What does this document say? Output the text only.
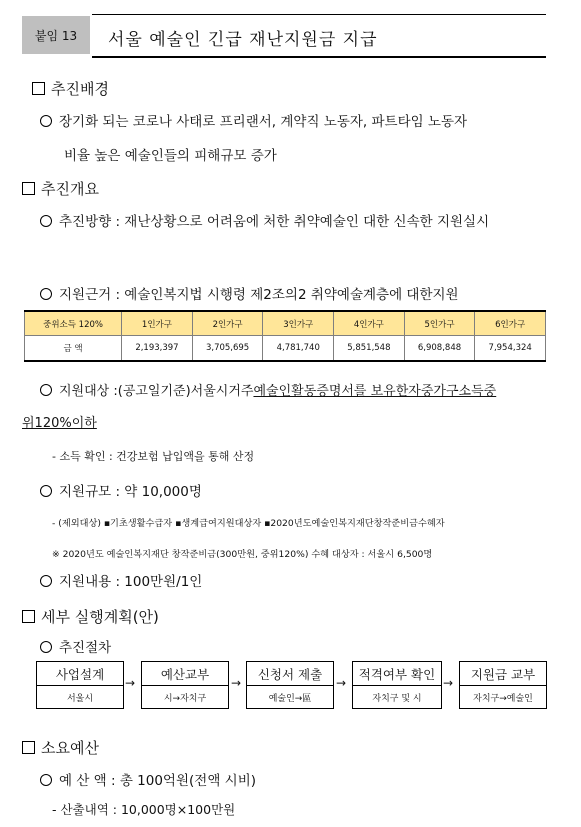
붙임 13 서울 예술인 긴급 재난지원금 지급
추진배경
장기화 되는 코로나 사태로 프리랜서, 계약직 노동자, 파트타임 노동자
비율 높은 예술인들의 피해규모 증가
추진개요
추진방향 : 재난상황으로 어려움에 처한 취약예술인 대한 신속한 지원실시
지원근거 : 예술인복지법 시행령 제2조의2 취약예술계층에 대한지원
중위소득 120%	1인가구	2인가구	3인가구	4인가구	5인가구	6인가구
금 액	2,193,397	3,705,695	4,781,740	5,851,548	6,908,848	7,954,324
지원대상 :(공고일기준)서울시거주예술인활동증명서를 보유한자중가구소득중
위120%이하
- 소득 확인 : 건강보험 납입액을 통해 산정
지원규모 : 약 10,000명
- (제외대상) ▪기초생활수급자 ▪생계급여지원대상자 ▪2020년도예술인복지재단창작준비금수혜자
※ 2020년도 예술인복지재단 창작준비금(300만원, 중위120%) 수혜 대상자 : 서울시 6,500명
지원내용 : 100만원/1인
세부 실행계획(안)
추진절차
사업설계
서울시
→
예산교부
시→자치구
→
신청서 제출
예술인→區
→
적격여부 확인
자치구 및 시
→
지원금 교부
자치구→예술인
소요예산
예 산 액 : 총 100억원(전액 시비)
- 산출내역 : 10,000명×100만원
